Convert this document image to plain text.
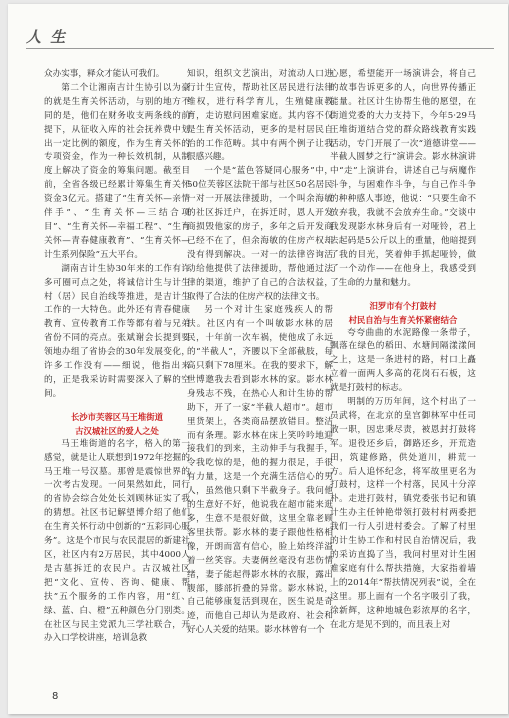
人 生

众办实事，释众才能认可我们。

第二个让湘南吉计生协引以为豪的就是生育关怀活动，与别的地方不同的是，他们在财务收支两条线的前提下，从征收入库的社会抚养费中划出一定比例的额度，作为生育关怀的专项资金，作为一种长效机制，从制度上解决了资金的筹集问题。截至目前，全省各级已经累计筹集生育关怀资金3亿元。搭建了“生育关怀—亲情伴手”、“生育关怀—三结合项目”、“生育关怀—幸福工程”、“生育关怀—青春健康教育”、“生育关怀—计生系列保险”五大平台。

湖南吉计生协30年来的工作有许多可圈可点之处，将诚信计生与计生村（居）民自治线等推进，是吉计生工作的一大特色。此外还有青春健康教育、宣传教育工作等都有着与兄弟省份不同的亮点。张斌谢会长提到要领地办组了省协会的30年发展变化，许多工作没有——细说，他指出来的，正是我采访时需要深入了解的空间。

长沙市芙蓉区马王堆街道

古汉城社区的爱人之处

马王堆街道的名字，格入的第一感觉，就是让人联想到1972年挖掘的马王堆一号汉墓。那曾是震惊世界的一次考古发现。一问果然如此，同行的省协会综合处处长刘顾林证实了我的猜想。社区书记解望博介绍了他们在生育关怀行动中创新的“五彩同心服务”。这是个市民与农民混居的新建社区，社区内有2万居民，其中4000人是古墓拆迁的农民户。古汉城社区把“文化、宣传、咨询、健康、帮扶”五个服务的工作内容，用“红、绿、蓝、白、橙”五种颜色分门别类。在社区与民主党派九三学社联合，开办入口学校讲座，培训急救

知识，组织文艺演出，对流动人口进行计生宣传，帮助社区居民进行法律维权，进行科学育儿，生殖健康教育，走访慰问困难家庭。其内容不仅是生育关怀活动，更多的是村居民自治的工作范畴。其中有两个例子让我很感兴趣。

一个是“蓝色答疑同心服务”中，50位芙蓉区法院干部与社区50名居民一对一开展法律援助，一个叫余海敏的社区拆迁户，在拆迁时，恩人开发商损毁他家的房子，多年之后开发商已经不在了，但余海敏的住房产权却没有得到解决。一对一的法律咨询活动给他提供了法律援助，帮他通过法律的渠道，维护了自己的合法权益，取得了合法的住房产权的法律文书。

另一个对计生家庭残疾人的帮扶。社区内有一个叫敏影水林的居民，十年前一次车祸，使他成了永远的“半截人”，齐腰以下全部截肢，每高只剩下78厘米。在我的要求下，解世博邀我去看到影水林的家。影水林身残志不残，在热心人和计生协的帮助下，开了一家“半截人超市”。超市里货架上，各类商品摆放错目。整洁而有条理。影水林在床上笑吟吟地迎接我们的到来，主动伸手与我握手，令我吃惊的是，他的握力很足，手很有力量，这是一个充满生活信心的男人，虽然他只剩下半截身子。我问他的生意好不好，他说我在超市能来逛多，生意不是很好做，这里全靠老顾客里扶帮。影水林的妻子跟他性格相像，开朗而富有信心，脸上始终洋溢着一丝笑容。夫妻俩丝毫没有悲伤情绪，妻子能起得影水林的衣服，露出腹部，膝部折叠的异常。影水林说，自己能够康复活到现在，医生说是奇迹，而他自己却认为是政府、社会和好心人关爱的结果。影水林曾有一个

心愿，希望能开一场演讲会，将自己的故事告诉更多的人，向世界传播正能量。社区计生协帮生他的愿望，在街道党委的大力支持下，今年5·29马王堆街道结合党的群众路线教育实践活动，专门开展了一次“道德讲堂——半截人圆梦之行”演讲会。影水林演讲中“走”上演讲台，讲述自己与病魔作斗争，与困难作斗争，与自己作斗争的种种感人事迹，他说：“只要生命不放弃我，我就不会放弃生命。”交谈中我发现影水林身后有一对哑铃，君上去起码是5公斤以上的重量，他暗提到了我的目光，笑着伸手抓起哑铃，做了一个动作——在他身上，我感受到了生命的力量和魅力。

汨罗市有个打鼓村

村民自治与生育关怀紧密结合

夸夸曲曲的水泥路像一条带子，飘落在绿色的稻田、水塘间隔漾漾间之上，这是一条进村的路，村口上矗立着一面两人多高的花岗石石板，这就是打鼓村的标志。

明制的万历年间，这个村出了一员武将，在北京的皇宫御林军中任司散一职，因忠秉尽责，被恩封打鼓将军。退役还乡后，御路还乡，开荒造田，筑建修路，供处道川，耕荒一方。后人追怀纪念，将军故里更名为打鼓村，这样一个村落，民风十分淳朴。走进打鼓村，镇党委张书记和镇计生办主任钟艳带领打鼓村村两委把我们一行人引进村委会。了解了村里的计生协工作和村民自治情况后，我的采访直捣了当，我问村里对计生困难家庭有什么帮扶措施，大家指着墙上的2014年“帮扶情况列表”说，全在这里。那上面有一个名字吸引了我，徐新辉，这种地城色彩浓厚的名字，在北方是见不到的，而且表上对

8
